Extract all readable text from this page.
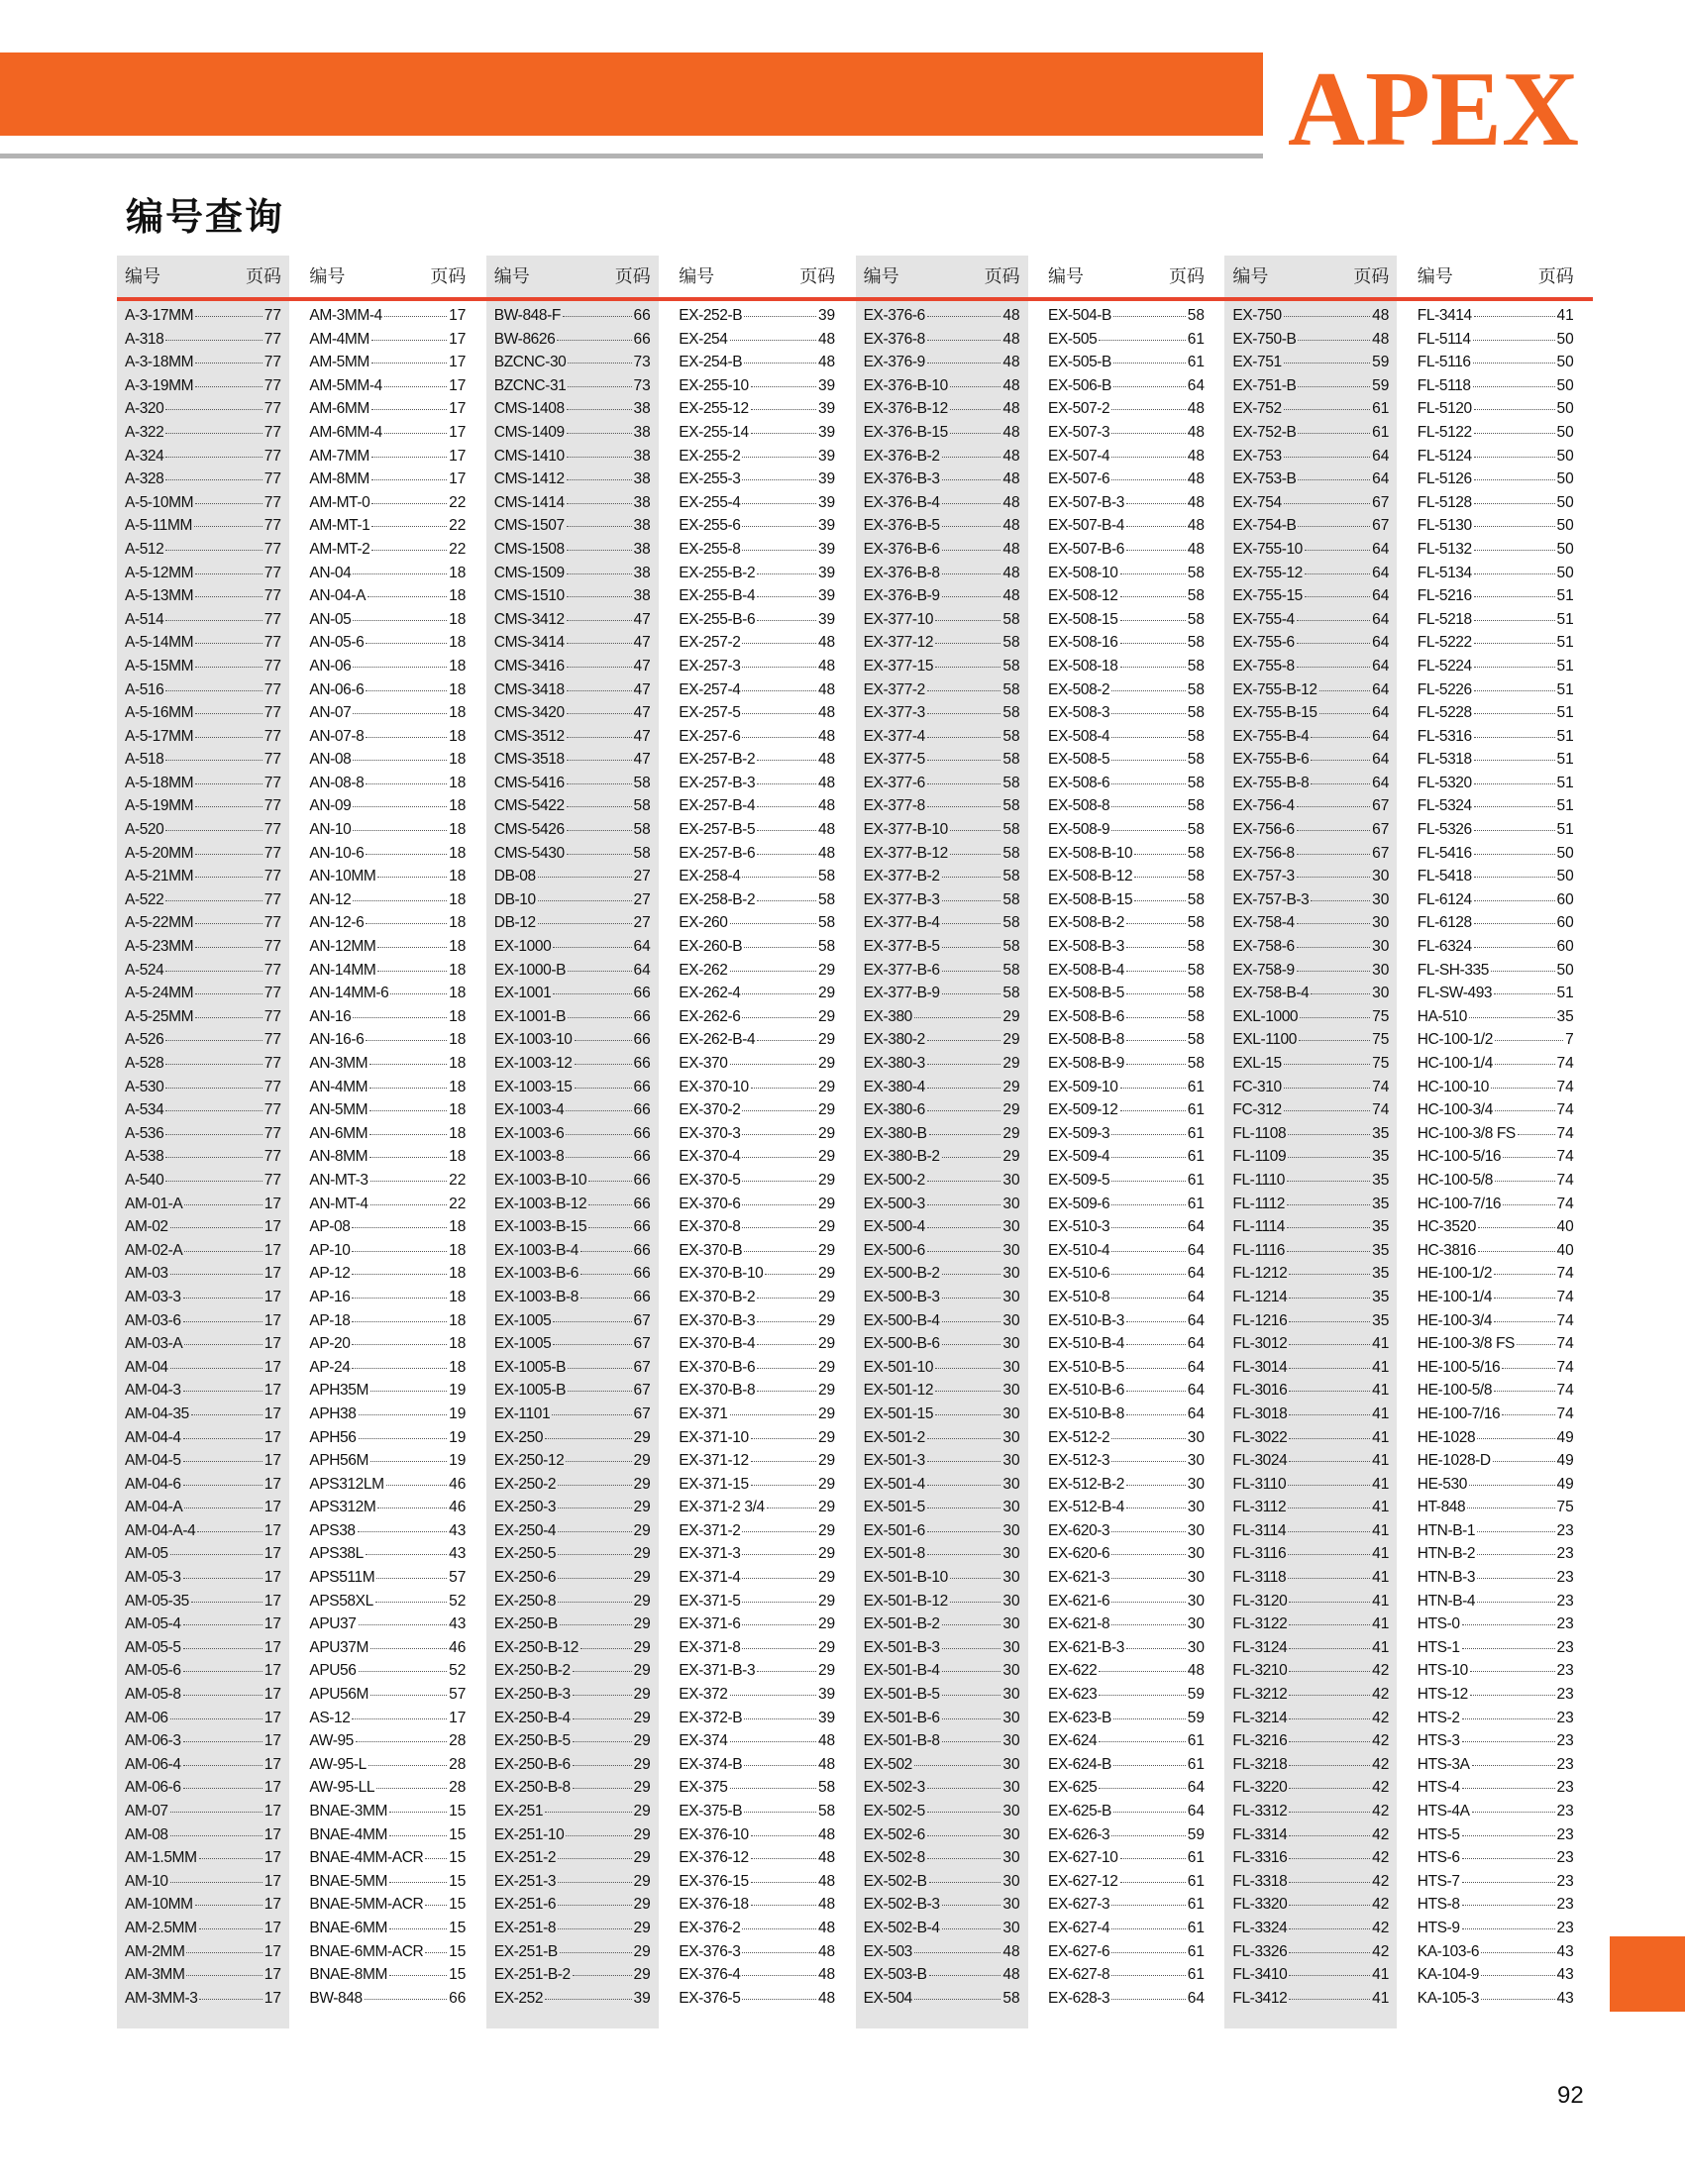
APEX
编号查询
编号	页码
A-3-17MM	77
A-318	77
A-3-18MM	77
A-3-19MM	77
A-320	77
A-322	77
A-324	77
A-328	77
A-5-10MM	77
A-5-11MM	77
A-512	77
A-5-12MM	77
A-5-13MM	77
A-514	77
A-5-14MM	77
A-5-15MM	77
A-516	77
A-5-16MM	77
A-5-17MM	77
A-518	77
A-5-18MM	77
A-5-19MM	77
A-520	77
A-5-20MM	77
A-5-21MM	77
A-522	77
A-5-22MM	77
A-5-23MM	77
A-524	77
A-5-24MM	77
A-5-25MM	77
A-526	77
A-528	77
A-530	77
A-534	77
A-536	77
A-538	77
A-540	77
AM-01-A	17
AM-02	17
AM-02-A	17
AM-03	17
AM-03-3	17
AM-03-6	17
AM-03-A	17
AM-04	17
AM-04-3	17
AM-04-35	17
AM-04-4	17
AM-04-5	17
AM-04-6	17
AM-04-A	17
AM-04-A-4	17
AM-05	17
AM-05-3	17
AM-05-35	17
AM-05-4	17
AM-05-5	17
AM-05-6	17
AM-05-8	17
AM-06	17
AM-06-3	17
AM-06-4	17
AM-06-6	17
AM-07	17
AM-08	17
AM-1.5MM	17
AM-10	17
AM-10MM	17
AM-2.5MM	17
AM-2MM	17
AM-3MM	17
AM-3MM-3	17
编号	页码
AM-3MM-4	17
AM-4MM	17
AM-5MM	17
AM-5MM-4	17
AM-6MM	17
AM-6MM-4	17
AM-7MM	17
AM-8MM	17
AM-MT-0	22
AM-MT-1	22
AM-MT-2	22
AN-04	18
AN-04-A	18
AN-05	18
AN-05-6	18
AN-06	18
AN-06-6	18
AN-07	18
AN-07-8	18
AN-08	18
AN-08-8	18
AN-09	18
AN-10	18
AN-10-6	18
AN-10MM	18
AN-12	18
AN-12-6	18
AN-12MM	18
AN-14MM	18
AN-14MM-6	18
AN-16	18
AN-16-6	18
AN-3MM	18
AN-4MM	18
AN-5MM	18
AN-6MM	18
AN-8MM	18
AN-MT-3	22
AN-MT-4	22
AP-08	18
AP-10	18
AP-12	18
AP-16	18
AP-18	18
AP-20	18
AP-24	18
APH35M	19
APH38	19
APH56	19
APH56M	19
APS312LM	46
APS312M	46
APS38	43
APS38L	43
APS511M	57
APS58XL	52
APU37	43
APU37M	46
APU56	52
APU56M	57
AS-12	17
AW-95	28
AW-95-L	28
AW-95-LL	28
BNAE-3MM	15
BNAE-4MM	15
BNAE-4MM-ACR 15
BNAE-5MM	15
BNAE-5MM-ACR 15
BNAE-6MM	15
BNAE-6MM-ACR 15
BNAE-8MM	15
BW-848	66
编号	页码
BW-848-F	66
BW-8626	66
BZCNC-30	73
BZCNC-31	73
CMS-1408	38
CMS-1409	38
CMS-1410	38
CMS-1412	38
CMS-1414	38
CMS-1507	38
CMS-1508	38
CMS-1509	38
CMS-1510	38
CMS-3412	47
CMS-3414	47
CMS-3416	47
CMS-3418	47
CMS-3420	47
CMS-3512	47
CMS-3518	47
CMS-5416	58
CMS-5422	58
CMS-5426	58
CMS-5430	58
DB-08	27
DB-10	27
DB-12	27
EX-1000	64
EX-1000-B	64
EX-1001	66
EX-1001-B	66
EX-1003-10	66
EX-1003-12	66
EX-1003-15	66
EX-1003-4	66
EX-1003-6	66
EX-1003-8	66
EX-1003-B-10	66
EX-1003-B-12	66
EX-1003-B-15	66
EX-1003-B-4	66
EX-1003-B-6	66
EX-1003-B-8	66
EX-1005	67
EX-1005	67
EX-1005-B	67
EX-1005-B	67
EX-1101	67
EX-250	29
EX-250-12	29
EX-250-2	29
EX-250-3	29
EX-250-4	29
EX-250-5	29
EX-250-6	29
EX-250-8	29
EX-250-B	29
EX-250-B-12	29
EX-250-B-2	29
EX-250-B-3	29
EX-250-B-4	29
EX-250-B-5	29
EX-250-B-6	29
EX-250-B-8	29
EX-251	29
EX-251-10	29
EX-251-2	29
EX-251-3	29
EX-251-6	29
EX-251-8	29
EX-251-B	29
EX-251-B-2	29
EX-252	39
编号	页码
EX-252-B	39
EX-254	48
EX-254-B	48
EX-255-10	39
EX-255-12	39
EX-255-14	39
EX-255-2	39
EX-255-3	39
EX-255-4	39
EX-255-6	39
EX-255-8	39
EX-255-B-2	39
EX-255-B-4	39
EX-255-B-6	39
EX-257-2	48
EX-257-3	48
EX-257-4	48
EX-257-5	48
EX-257-6	48
EX-257-B-2	48
EX-257-B-3	48
EX-257-B-4	48
EX-257-B-5	48
EX-257-B-6	48
EX-258-4	58
EX-258-B-2	58
EX-260	58
EX-260-B	58
EX-262	29
EX-262-4	29
EX-262-6	29
EX-262-B-4	29
EX-370	29
EX-370-10	29
EX-370-2	29
EX-370-3	29
EX-370-4	29
EX-370-5	29
EX-370-6	29
EX-370-8	29
EX-370-B	29
EX-370-B-10	29
EX-370-B-2	29
EX-370-B-3	29
EX-370-B-4	29
EX-370-B-6	29
EX-370-B-8	29
EX-371	29
EX-371-10	29
EX-371-12	29
EX-371-15	29
EX-371-2 3/4	29
EX-371-2	29
EX-371-3	29
EX-371-4	29
EX-371-5	29
EX-371-6	29
EX-371-8	29
EX-371-B-3	29
EX-372	39
EX-372-B	39
EX-374	48
EX-374-B	48
EX-375	58
EX-375-B	58
EX-376-10	48
EX-376-12	48
EX-376-15	48
EX-376-18	48
EX-376-2	48
EX-376-3	48
EX-376-4	48
EX-376-5	48
编号	页码
EX-376-6	48
EX-376-8	48
EX-376-9	48
EX-376-B-10	48
EX-376-B-12	48
EX-376-B-15	48
EX-376-B-2	48
EX-376-B-3	48
EX-376-B-4	48
EX-376-B-5	48
EX-376-B-6	48
EX-376-B-8	48
EX-376-B-9	48
EX-377-10	58
EX-377-12	58
EX-377-15	58
EX-377-2	58
EX-377-3	58
EX-377-4	58
EX-377-5	58
EX-377-6	58
EX-377-8	58
EX-377-B-10	58
EX-377-B-12	58
EX-377-B-2	58
EX-377-B-3	58
EX-377-B-4	58
EX-377-B-5	58
EX-377-B-6	58
EX-377-B-9	58
EX-380	29
EX-380-2	29
EX-380-3	29
EX-380-4	29
EX-380-6	29
EX-380-B	29
EX-380-B-2	29
EX-500-2	30
EX-500-3	30
EX-500-4	30
EX-500-6	30
EX-500-B-2	30
EX-500-B-3	30
EX-500-B-4	30
EX-500-B-6	30
EX-501-10	30
EX-501-12	30
EX-501-15	30
EX-501-2	30
EX-501-3	30
EX-501-4	30
EX-501-5	30
EX-501-6	30
EX-501-8	30
EX-501-B-10	30
EX-501-B-12	30
EX-501-B-2	30
EX-501-B-3	30
EX-501-B-4	30
EX-501-B-5	30
EX-501-B-6	30
EX-501-B-8	30
EX-502	30
EX-502-3	30
EX-502-5	30
EX-502-6	30
EX-502-8	30
EX-502-B	30
EX-502-B-3	30
EX-502-B-4	30
EX-503	48
EX-503-B	48
EX-504	58
编号	页码
EX-504-B	58
EX-505	61
EX-505-B	61
EX-506-B	64
EX-507-2	48
EX-507-3	48
EX-507-4	48
EX-507-6	48
EX-507-B-3	48
EX-507-B-4	48
EX-507-B-6	48
EX-508-10	58
EX-508-12	58
EX-508-15	58
EX-508-16	58
EX-508-18	58
EX-508-2	58
EX-508-3	58
EX-508-4	58
EX-508-5	58
EX-508-6	58
EX-508-8	58
EX-508-9	58
EX-508-B-10	58
EX-508-B-12	58
EX-508-B-15	58
EX-508-B-2	58
EX-508-B-3	58
EX-508-B-4	58
EX-508-B-5	58
EX-508-B-6	58
EX-508-B-8	58
EX-508-B-9	58
EX-509-10	61
EX-509-12	61
EX-509-3	61
EX-509-4	61
EX-509-5	61
EX-509-6	61
EX-510-3	64
EX-510-4	64
EX-510-6	64
EX-510-8	64
EX-510-B-3	64
EX-510-B-4	64
EX-510-B-5	64
EX-510-B-6	64
EX-510-B-8	64
EX-512-2	30
EX-512-3	30
EX-512-B-2	30
EX-512-B-4	30
EX-620-3	30
EX-620-6	30
EX-621-3	30
EX-621-6	30
EX-621-8	30
EX-621-B-3	30
EX-622	48
EX-623	59
EX-623-B	59
EX-624	61
EX-624-B	61
EX-625	64
EX-625-B	64
EX-626-3	59
EX-627-10	61
EX-627-12	61
EX-627-3	61
EX-627-4	61
EX-627-6	61
EX-627-8	61
EX-628-3	64
编号	页码
EX-750	48
EX-750-B	48
EX-751	59
EX-751-B	59
EX-752	61
EX-752-B	61
EX-753	64
EX-753-B	64
EX-754	67
EX-754-B	67
EX-755-10	64
EX-755-12	64
EX-755-15	64
EX-755-4	64
EX-755-6	64
EX-755-8	64
EX-755-B-12	64
EX-755-B-15	64
EX-755-B-4	64
EX-755-B-6	64
EX-755-B-8	64
EX-756-4	67
EX-756-6	67
EX-756-8	67
EX-757-3	30
EX-757-B-3	30
EX-758-4	30
EX-758-6	30
EX-758-9	30
EX-758-B-4	30
EXL-1000	75
EXL-1100	75
EXL-15	75
FC-310	74
FC-312	74
FL-1108	35
FL-1109	35
FL-1110	35
FL-1112	35
FL-1114	35
FL-1116	35
FL-1212	35
FL-1214	35
FL-1216	35
FL-3012	41
FL-3014	41
FL-3016	41
FL-3018	41
FL-3022	41
FL-3024	41
FL-3110	41
FL-3112	41
FL-3114	41
FL-3116	41
FL-3118	41
FL-3120	41
FL-3122	41
FL-3124	41
FL-3210	42
FL-3212	42
FL-3214	42
FL-3216	42
FL-3218	42
FL-3220	42
FL-3312	42
FL-3314	42
FL-3316	42
FL-3318	42
FL-3320	42
FL-3324	42
FL-3326	42
FL-3410	41
FL-3412	41
编号	页码
FL-3414	41
FL-5114	50
FL-5116	50
FL-5118	50
FL-5120	50
FL-5122	50
FL-5124	50
FL-5126	50
FL-5128	50
FL-5130	50
FL-5132	50
FL-5134	50
FL-5216	51
FL-5218	51
FL-5222	51
FL-5224	51
FL-5226	51
FL-5228	51
FL-5316	51
FL-5318	51
FL-5320	51
FL-5324	51
FL-5326	51
FL-5416	50
FL-5418	50
FL-6124	60
FL-6128	60
FL-6324	60
FL-SH-335	50
FL-SW-493	51
HA-510	35
HC-100-1/2	7
HC-100-1/4	74
HC-100-10	74
HC-100-3/4	74
HC-100-3/8 FS	74
HC-100-5/16	74
HC-100-5/8	74
HC-100-7/16	74
HC-3520	40
HC-3816	40
HE-100-1/2	74
HE-100-1/4	74
HE-100-3/4	74
HE-100-3/8 FS	74
HE-100-5/16	74
HE-100-5/8	74
HE-100-7/16	74
HE-1028	49
HE-1028-D	49
HE-530	49
HT-848	75
HTN-B-1	23
HTN-B-2	23
HTN-B-3	23
HTN-B-4	23
HTS-0	23
HTS-1	23
HTS-10	23
HTS-12	23
HTS-2	23
HTS-3	23
HTS-3A	23
HTS-4	23
HTS-4A	23
HTS-5	23
HTS-6	23
HTS-7	23
HTS-8	23
HTS-9	23
KA-103-6	43
KA-104-9	43
KA-105-3	43
92
